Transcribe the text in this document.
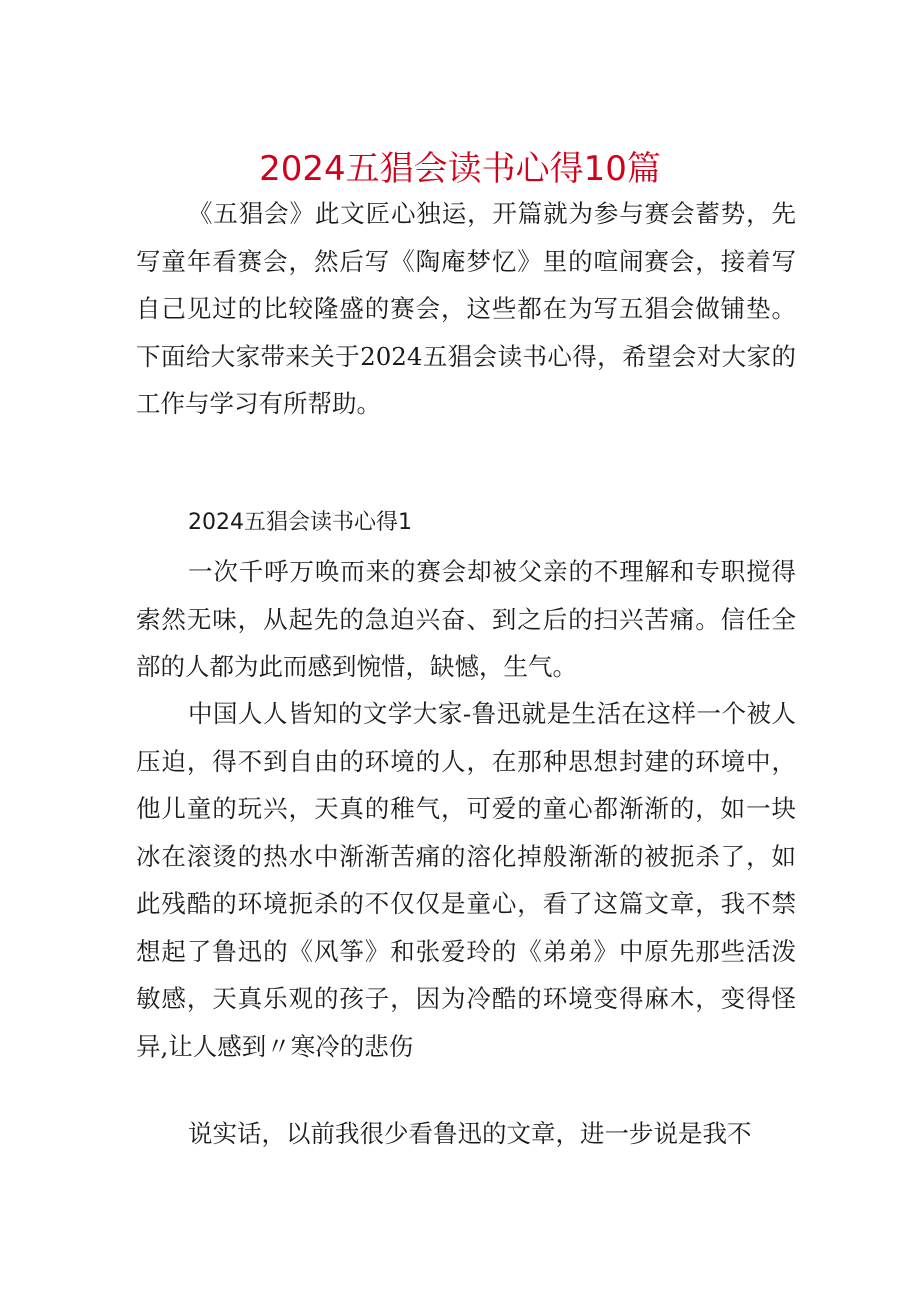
2024五猖会读书心得10篇

《五猖会》此文匠心独运，开篇就为参与赛会蓄势，先写童年看赛会，然后写《陶庵梦忆》里的喧闹赛会，接着写自己见过的比较隆盛的赛会，这些都在为写五猖会做铺垫。下面给大家带来关于2024五猖会读书心得，希望会对大家的工作与学习有所帮助。

2024五猖会读书心得1

一次千呼万唤而来的赛会却被父亲的不理解和专职搅得索然无味，从起先的急迫兴奋、到之后的扫兴苦痛。信任全部的人都为此而感到惋惜，缺憾，生气。

中国人人皆知的文学大家-鲁迅就是生活在这样一个被人压迫，得不到自由的环境的人，在那种思想封建的环境中，他儿童的玩兴，天真的稚气，可爱的童心都渐渐的，如一块冰在滚烫的热水中渐渐苦痛的溶化掉般渐渐的被扼杀了，如此残酷的环境扼杀的不仅仅是童心，看了这篇文章，我不禁想起了鲁迅的《风筝》和张爱玲的《弟弟》中原先那些活泼敏感，天真乐观的孩子，因为冷酷的环境变得麻木，变得怪异,让人感到〃寒冷的悲伤

说实话，以前我很少看鲁迅的文章，进一步说是我不
